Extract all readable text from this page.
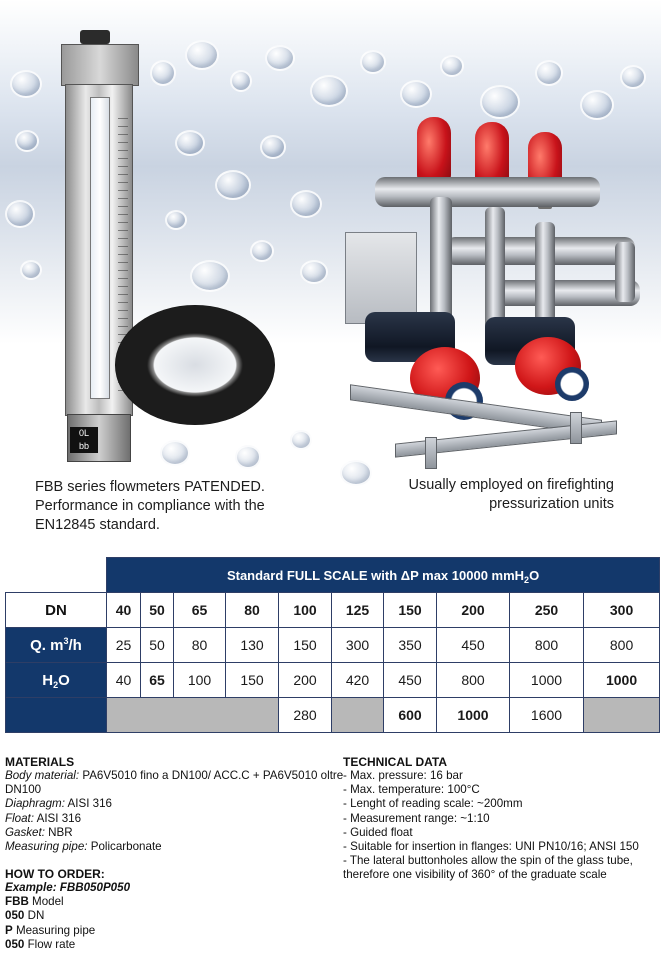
0L
bb
FBB series flowmeters PATENDED.
Performance in compliance with the
EN12845 standard.
Usually employed on firefighting
pressurization units
	Standard FULL SCALE with ΔP max 10000 mmH$_2$O									
DN	40	50	65	80	100	125	150	200	250	300
Q. $m^3/h$	25	50	80	130	150	300	350	450	800	800
$H_2O$	40	65	100	150	200	420	450	800	1000	1000
					280		600	1000	1600	
MATERIALS

Body material: PA6V5010 fino a DN100/ ACC.C + PA6V5010 oltre DN100

Diaphragm: AISI 316

Float: AISI 316

Gasket: NBR

Measuring pipe: Policarbonate

TECHNICAL DATA

- Max. pressure: 16 bar

- Max. temperature: 100°C

- Lenght of reading scale: ~200mm

- Measurement range: ~1:10

- Guided float

- Suitable for insertion in flanges: UNI PN10/16; ANSI 150

- The lateral buttonholes allow the spin of the glass tube, therefore one visibility of 360° of the graduate scale

HOW TO ORDER:

Example: FBB050P050

FBB Model

050 DN

P Measuring pipe

050 Flow rate
